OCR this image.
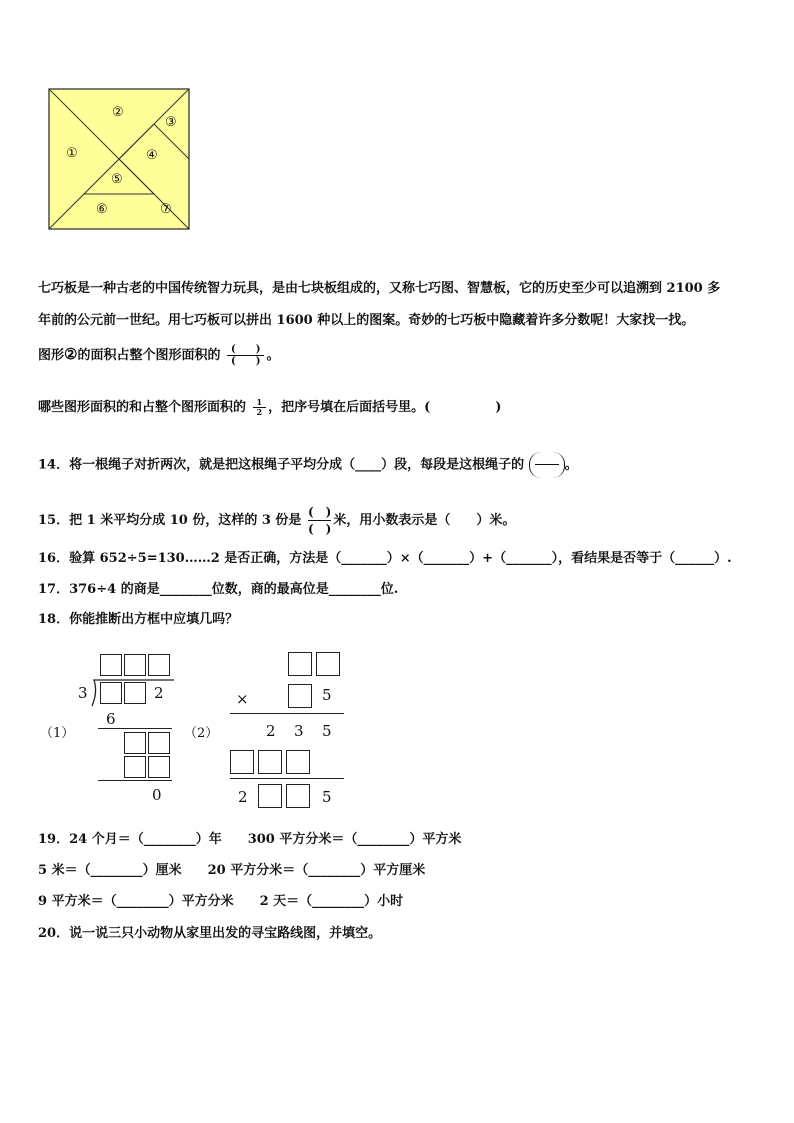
①
②
③
④
⑤
⑥	⑦
七巧板是一种古老的中国传统智力玩具，是由七块板组成的，又称七巧图、智慧板，它的历史至少可以追溯到 2100 多
年前的公元前一世纪。用七巧板可以拼出 1600 种以上的图案。奇妙的七巧板中隐藏着许多分数呢！大家找一找。
图形②的面积占整个图形面积的 $\frac{( )}{( )}$ 。
哪些图形面积的和占整个图形面积的 $\frac{1}{2}$ ，把序号填在后面括号里。(　　　　　)
14．将一根绳子对折两次，就是把这根绳子平均分成（____）段，每段是这根绳子的	。
15．把 1 米平均分成 10 份，这样的 3 份是
(　)
(　)
米，用小数表示是（　　）米。
16．验算 652÷5=130……2 是否正确，方法是（_______）×（_______）+（_______），看结果是否等于（______）.
17．376÷4 的商是________位数，商的最高位是________位.
18．你能推断出方框中应填几吗？
（1）
3	2
6
0
（2）
×	5
2 3 5
2	5
19．24 个月＝（________）年　　300 平方分米＝（________）平方米
5 米＝（________）厘米　　20 平方分米＝（________）平方厘米
9 平方米＝（________）平方分米　　2 天＝（________）小时
20．说一说三只小动物从家里出发的寻宝路线图，并填空。
